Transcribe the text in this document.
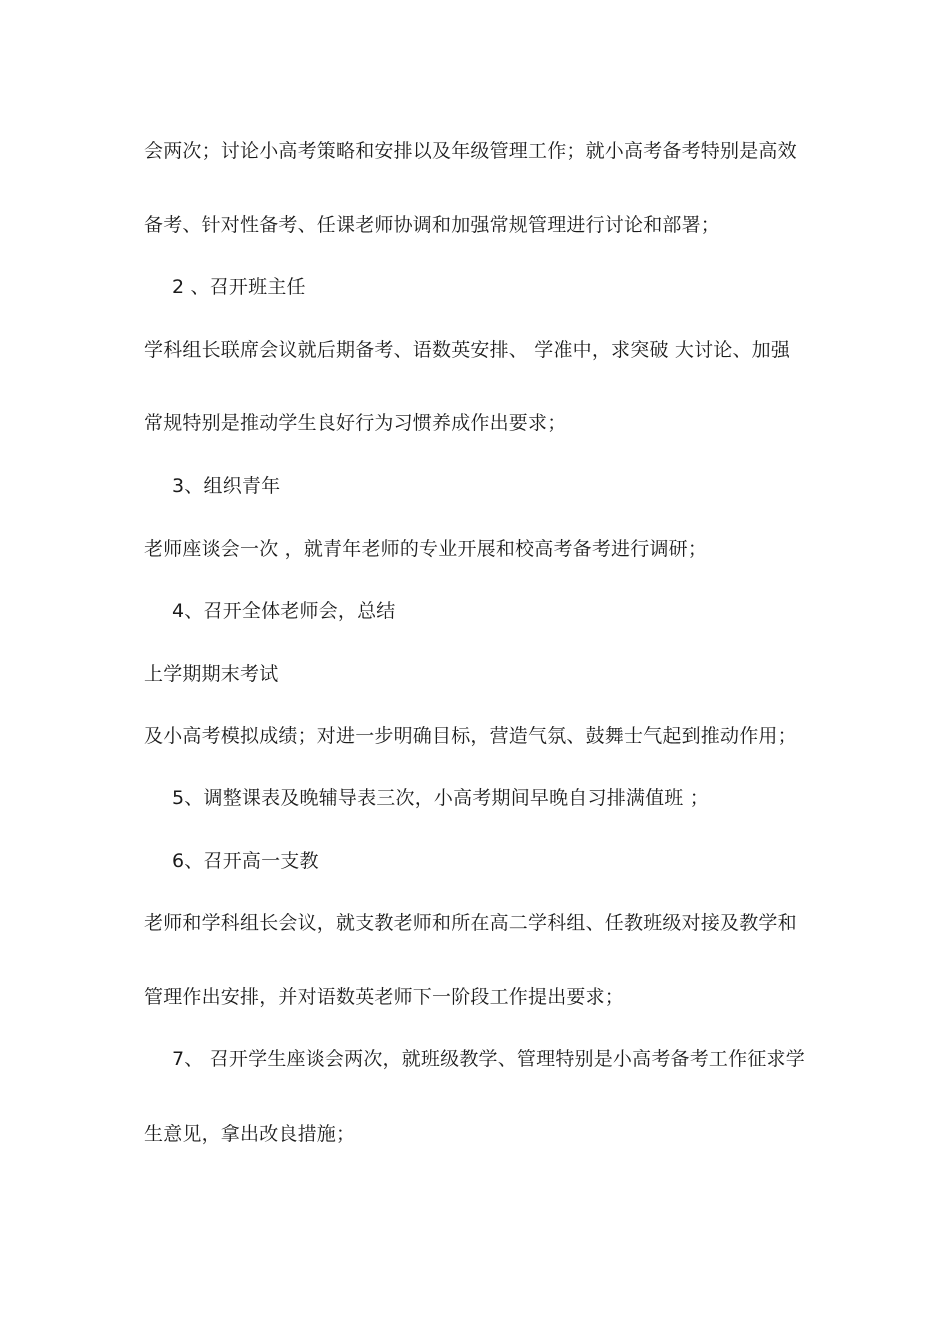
会两次；讨论小高考策略和安排以及年级管理工作；就小高考备考特别是高效
备考、针对性备考、任课老师协调和加强常规管理进行讨论和部署；
2 、召开班主任
学科组长联席会议就后期备考、语数英安排、 学准中，求突破 大讨论、加强
常规特别是推动学生良好行为习惯养成作出要求；
3、组织青年
老师座谈会一次 ，就青年老师的专业开展和校高考备考进行调研；
4、召开全体老师会，总结
上学期期末考试
及小高考模拟成绩；对进一步明确目标，营造气氛、鼓舞士气起到推动作用；
5、调整课表及晚辅导表三次，小高考期间早晚自习排满值班 ；
6、召开高一支教
老师和学科组长会议，就支教老师和所在高二学科组、任教班级对接及教学和
管理作出安排，并对语数英老师下一阶段工作提出要求；
7、 召开学生座谈会两次，就班级教学、管理特别是小高考备考工作征求学
生意见，拿出改良措施；
